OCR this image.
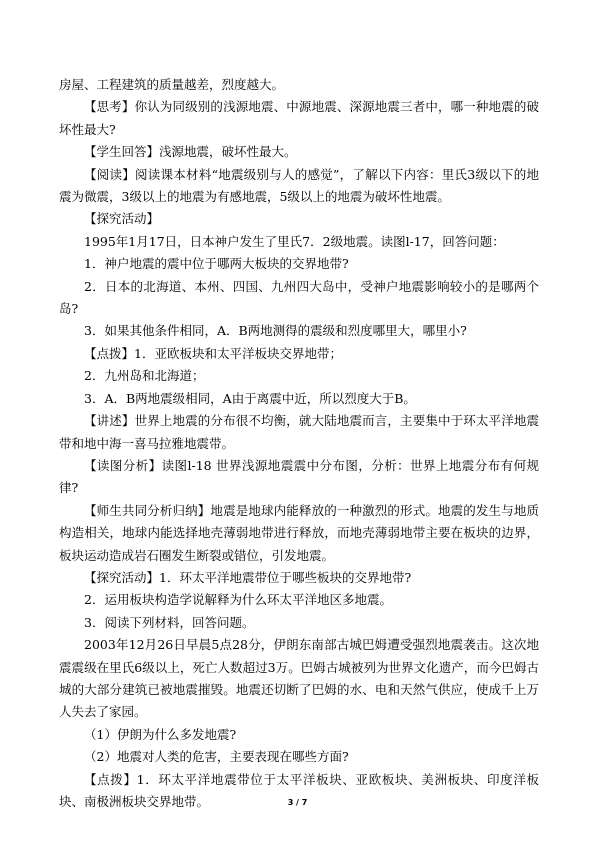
房屋、工程建筑的质量越差，烈度越大。

【思考】你认为同级别的浅源地震、中源地震、深源地震三者中，哪一种地震的破坏性最大?

【学生回答】浅源地震，破坏性最大。

【阅读】阅读课本材料“地震级别与人的感觉”，了解以下内容：里氏3级以下的地震为微震，3级以上的地震为有感地震，5级以上的地震为破坏性地震。

【探究活动】

1995年1月17日，日本神户发生了里氏7．2级地震。读图l-17，回答问题：

1．神户地震的震中位于哪两大板块的交界地带?

2．日本的北海道、本州、四国、九州四大岛中，受神户地震影响较小的是哪两个岛?

3．如果其他条件相同，A．B两地测得的震级和烈度哪里大，哪里小?

【点拨】1．亚欧板块和太平洋板块交界地带；

2．九州岛和北海道；

3．A．B两地震级相同，A由于离震中近，所以烈度大于B。

【讲述】世界上地震的分布很不均衡，就大陆地震而言，主要集中于环太平洋地震带和地中海一喜马拉雅地震带。

【读图分析】读图l-18 世界浅源地震震中分布图，分析：世界上地震分布有何规律?

【师生共同分析归纳】地震是地球内能释放的一种激烈的形式。地震的发生与地质构造相关，地球内能选择地壳薄弱地带进行释放，而地壳薄弱地带主要在板块的边界，板块运动造成岩石圈发生断裂或错位，引发地震。

【探究活动】1．环太平洋地震带位于哪些板块的交界地带?

2．运用板块构造学说解释为什么环太平洋地区多地震。

3．阅读下列材料，回答问题。

2003年12月26日早晨5点28分，伊朗东南部古城巴姆遭受强烈地震袭击。这次地震震级在里氏6级以上，死亡人数超过3万。巴姆古城被列为世界文化遗产，而今巴姆古城的大部分建筑已被地震摧毁。地震还切断了巴姆的水、电和天然气供应，使成千上万人失去了家园。

（1）伊朗为什么多发地震?

（2）地震对人类的危害，主要表现在哪些方面?

【点拨】1．环太平洋地震带位于太平洋板块、亚欧板块、美洲板块、印度洋板块、南极洲板块交界地带。	3 / 7
